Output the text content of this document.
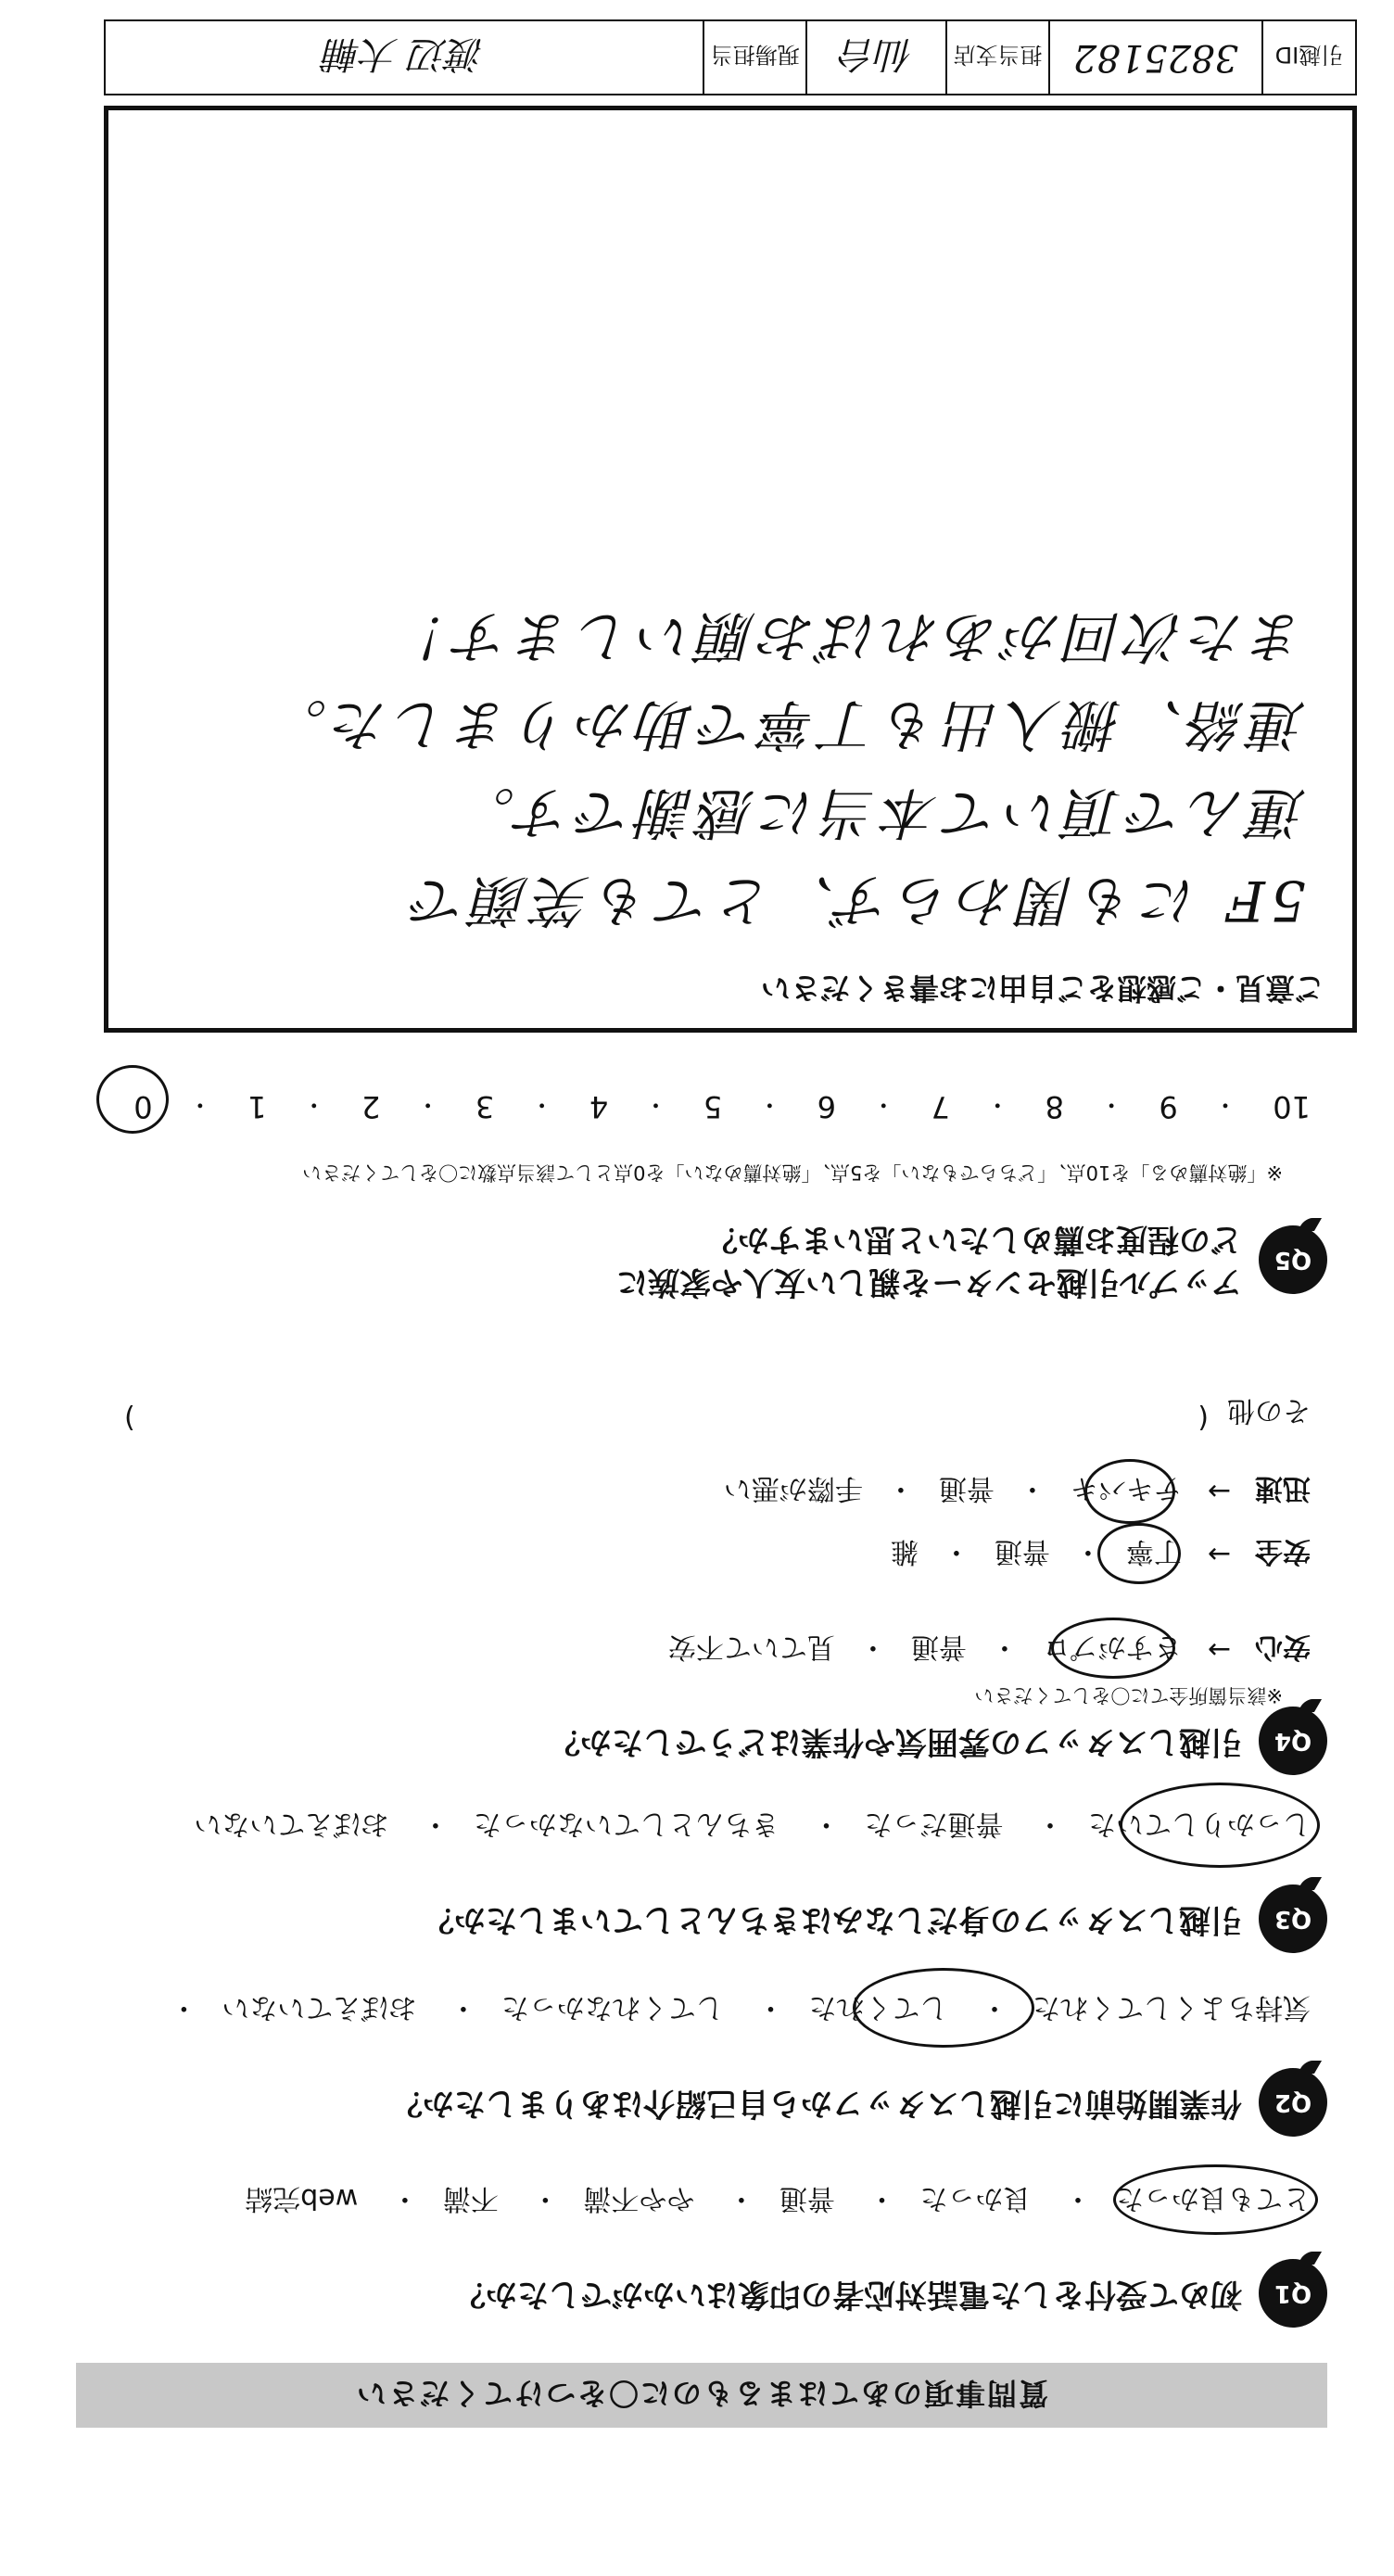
質問事項のあてはまるものに〇をつけてください
Q1
初めて受付をした電話対応者の印象はいかがでしたか？
とても良かった・ 良かった・ 普通・ やや不満・ 不満・ web完結
Q2
作業開始前に引越しスタッフから自己紹介はありましたか？
気持ちよくしてくれた・ してくれた・ してくれなかった・ おぼえていない・
Q3
引越しスタッフの身だしなみはきちんとしていましたか？
しっかりしていた・ 普通だった・ きちんとしていなかった・ おぼえていない
Q4
引越しスタッフの雰囲気や作業はどうでしたか？
※該当箇所全てに〇をしてください
安心
→
さすがプロ
・
普通
・
見ていて不安
安全
→
丁寧
・
普通
・
雑
迅速
→
テキパキ
・
普通
・
手際が悪い
その他
(
)
Q5
アップル引越センターを親しい友人や家族に
どの程度お薦めしたいと思いますか？
※「絶対薦める」を10点、「どちらでもない」を5点、「絶対薦めない」を0点として該当点数に〇をしてください
10
・
9
・
8
・
7
・
6
・
5
・
4
・
3
・
2
・
1
・
0
ご意見・ご感想をご自由にお書きください
5F にも関わらず、とても笑顔で
運んで頂いて本当に感謝です。
連絡、搬入出も丁寧で助かりました。
また次回があればお願いします！
引越ID
3825182
担当支店
仙台
現場担当
渡辺 大輔
